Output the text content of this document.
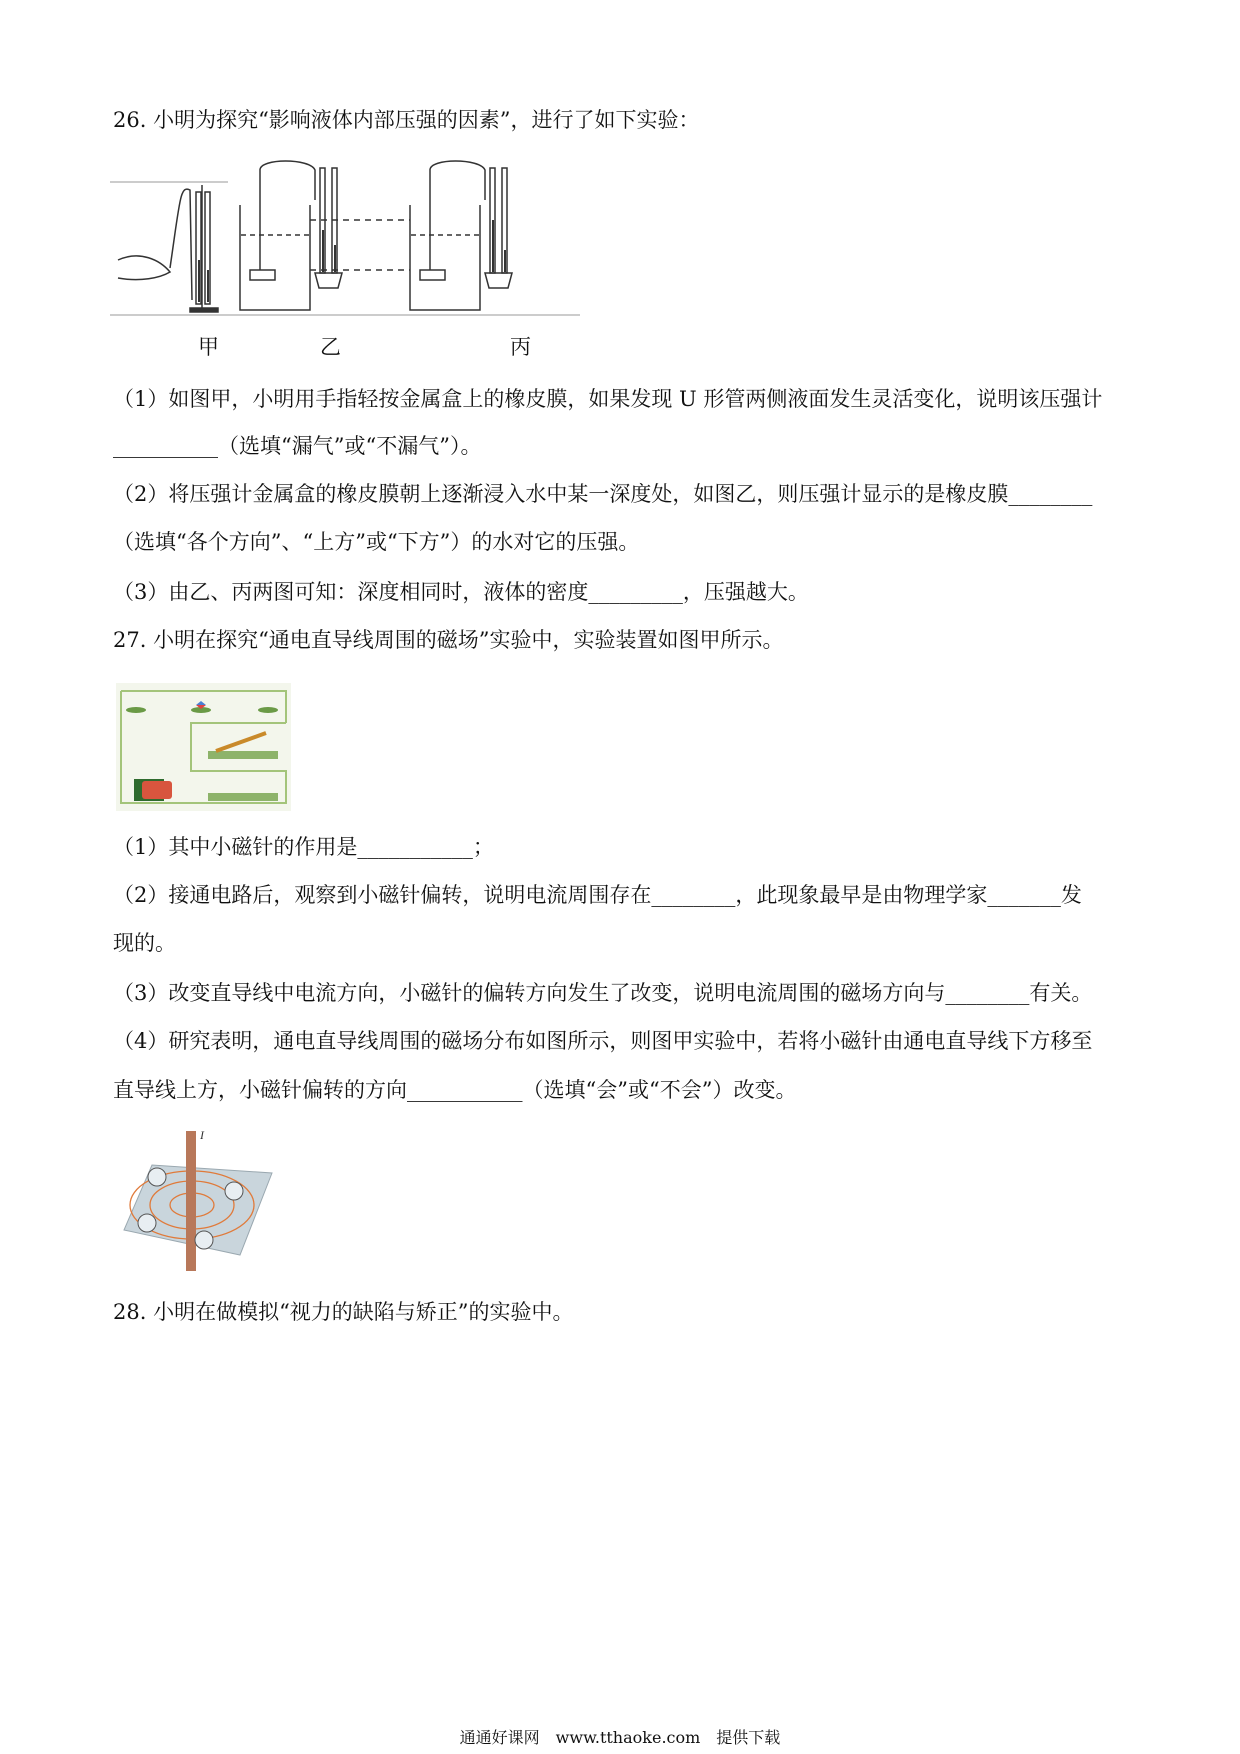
26. 小明为探究“影响液体内部压强的因素”，进行了如下实验：
甲	乙	丙
（1）如图甲，小明用手指轻按金属盒上的橡皮膜，如果发现 U 形管两侧液面发生灵活变化，说明该压强计
__________（选填“漏气”或“不漏气”）。
（2）将压强计金属盒的橡皮膜朝上逐渐浸入水中某一深度处，如图乙，则压强计显示的是橡皮膜________
（选填“各个方向”、“上方”或“下方”）的水对它的压强。
（3）由乙、丙两图可知：深度相同时，液体的密度_________，压强越大。
27. 小明在探究“通电直导线周围的磁场”实验中，实验装置如图甲所示。
（1）其中小磁针的作用是___________；
（2）接通电路后，观察到小磁针偏转，说明电流周围存在________，此现象最早是由物理学家_______发
现的。
（3）改变直导线中电流方向，小磁针的偏转方向发生了改变，说明电流周围的磁场方向与________有关。
（4）研究表明，通电直导线周围的磁场分布如图所示，则图甲实验中，若将小磁针由通电直导线下方移至
直导线上方，小磁针偏转的方向___________（选填“会”或“不会”）改变。
I
28. 小明在做模拟“视力的缺陷与矫正”的实验中。
通通好课网　www.tthaoke.com　提供下载
